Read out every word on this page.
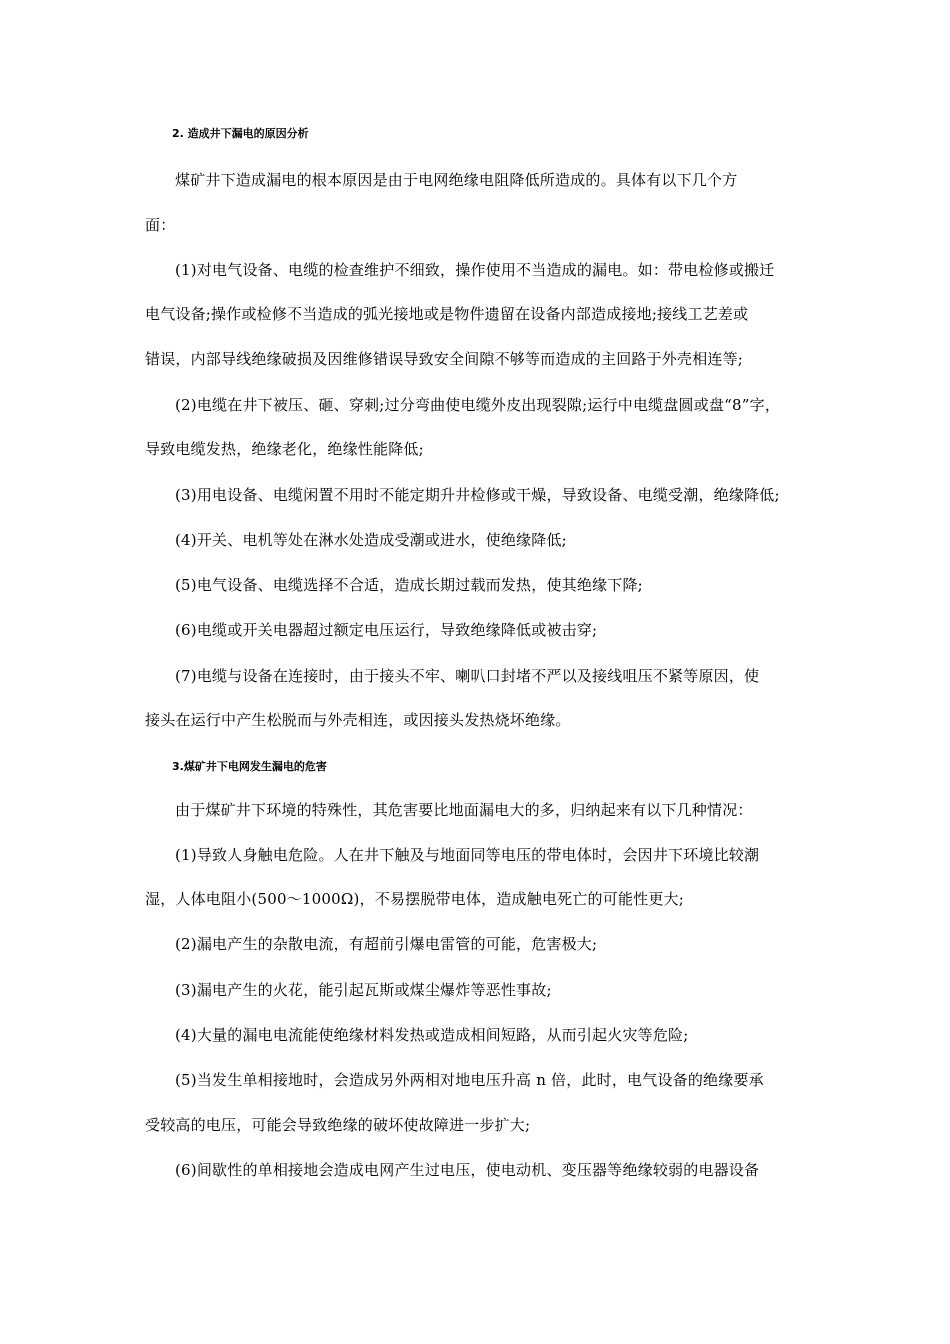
2. 造成井下漏电的原因分析
煤矿井下造成漏电的根本原因是由于电网绝缘电阻降低所造成的。具体有以下几个方
面：
(1)对电气设备、电缆的检查维护不细致，操作使用不当造成的漏电。如：带电检修或搬迁
电气设备;操作或检修不当造成的弧光接地或是物件遗留在设备内部造成接地;接线工艺差或
错误，内部导线绝缘破损及因维修错误导致安全间隙不够等而造成的主回路于外壳相连等;
(2)电缆在井下被压、砸、穿刺;过分弯曲使电缆外皮出现裂隙;运行中电缆盘圆或盘“8”字，
导致电缆发热，绝缘老化，绝缘性能降低;
(3)用电设备、电缆闲置不用时不能定期升井检修或干燥，导致设备、电缆受潮，绝缘降低;
(4)开关、电机等处在淋水处造成受潮或进水，使绝缘降低;
(5)电气设备、电缆选择不合适，造成长期过载而发热，使其绝缘下降;
(6)电缆或开关电器超过额定电压运行，导致绝缘降低或被击穿;
(7)电缆与设备在连接时，由于接头不牢、喇叭口封堵不严以及接线咀压不紧等原因，使
接头在运行中产生松脱而与外壳相连，或因接头发热烧坏绝缘。
3.煤矿井下电网发生漏电的危害
由于煤矿井下环境的特殊性，其危害要比地面漏电大的多，归纳起来有以下几种情况：
(1)导致人身触电危险。人在井下触及与地面同等电压的带电体时，会因井下环境比较潮
湿，人体电阻小(500～1000Ω)，不易摆脱带电体，造成触电死亡的可能性更大;
(2)漏电产生的杂散电流，有超前引爆电雷管的可能，危害极大;
(3)漏电产生的火花，能引起瓦斯或煤尘爆炸等恶性事故;
(4)大量的漏电电流能使绝缘材料发热或造成相间短路，从而引起火灾等危险;
(5)当发生单相接地时，会造成另外两相对地电压升高 n 倍，此时，电气设备的绝缘要承
受较高的电压，可能会导致绝缘的破坏使故障进一步扩大;
(6)间歇性的单相接地会造成电网产生过电压，使电动机、变压器等绝缘较弱的电器设备
